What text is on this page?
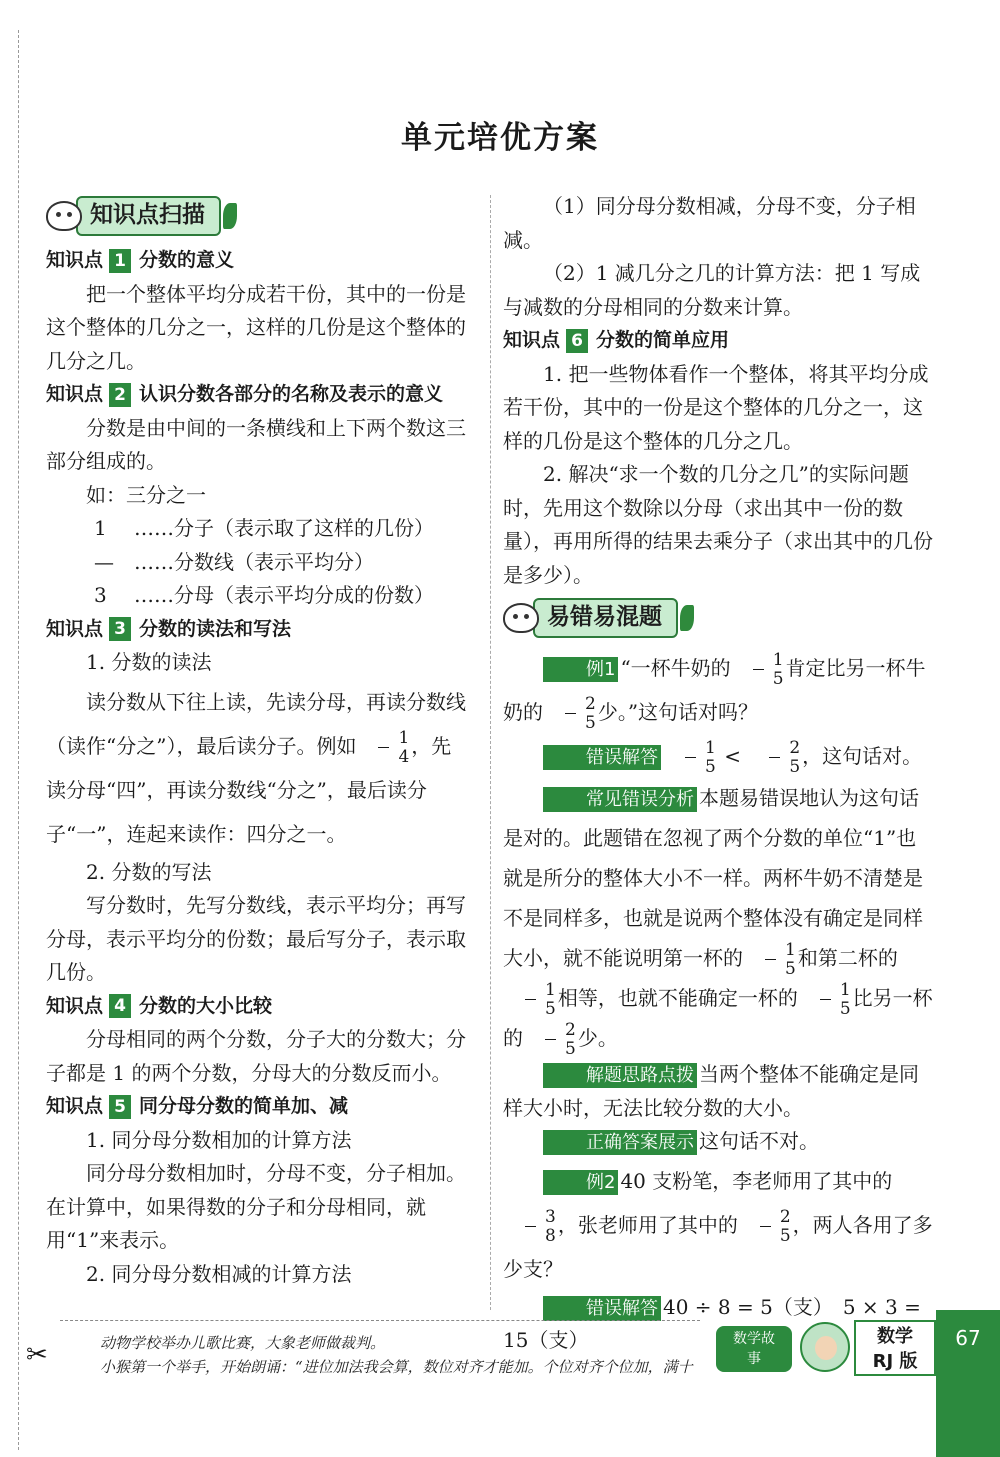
✂
单元培优方案
知识点扫描
知识点 1 分数的意义

把一个整体平均分成若干份，其中的一份是这个整体的几分之一，这样的几份是这个整体的几分之几。

知识点 2 认识分数各部分的名称及表示的意义

分数是由中间的一条横线和上下两个数这三部分组成的。

如：三分之一

1	……分子（表示取了这样的几份）
—	……分数线（表示平均分）
3	……分母（表示平均分成的份数）
知识点 3 分数的读法和写法

1. 分数的读法

读分数从下往上读，先读分母，再读分数线（读作“分之”），最后读分子。例如 $\frac{1}{4}$ ，先读分母“四”，再读分数线“分之”，最后读分子“一”，连起来读作：四分之一。

2. 分数的写法

写分数时，先写分数线，表示平均分；再写分母，表示平均分的份数；最后写分子，表示取几份。

知识点 4 分数的大小比较

分母相同的两个分数，分子大的分数大；分子都是 1 的两个分数，分母大的分数反而小。

知识点 5 同分母分数的简单加、减

1. 同分母分数相加的计算方法

同分母分数相加时，分母不变，分子相加。在计算中，如果得数的分子和分母相同，就用“1”来表示。

2. 同分母分数相减的计算方法

（1）同分母分数相减，分母不变，分子相减。

（2）1 减几分之几的计算方法：把 1 写成与减数的分母相同的分数来计算。

知识点 6 分数的简单应用

1. 把一些物体看作一个整体，将其平均分成若干份，其中的一份是这个整体的几分之一，这样的几份是这个整体的几分之几。

2. 解决“求一个数的几分之几”的实际问题时，先用这个数除以分母（求出其中一份的数量），再用所得的结果去乘分子（求出其中的几份是多少）。

易错易混题

例1 “一杯牛奶的 $\frac{1}{5}$ 肯定比另一杯牛奶的 $\frac{2}{5}$ 少。”这句话对吗？

错误解答 $\frac{1}{5} < \frac{2}{5}$ ，这句话对。

常见错误分析 本题易错误地认为这句话是对的。此题错在忽视了两个分数的单位“1”也就是所分的整体大小不一样。两杯牛奶不清楚是不是同样多，也就是说两个整体没有确定是同样大小，就不能说明第一杯的 $\frac{1}{5}$ 和第二杯的
$\frac{1}{5}$ 相等，也就不能确定一杯的 $\frac{1}{5}$ 比另一杯的 $\frac{2}{5}$ 少。

解题思路点拨 当两个整体不能确定是同样大小时，无法比较分数的大小。

正确答案展示 这句话不对。

例2 40 支粉笔，李老师用了其中的
$\frac{3}{8}$ ，张老师用了其中的 $\frac{2}{5}$ ，两人各用了多少支？

错误解答 40 ÷ 8 = 5（支）　5 × 3 = 15（支）

动物学校举办儿歌比赛，大象老师做裁判。
小猴第一个举手，开始朗诵：“进位加法我会算，数位对齐才能加。个位对齐个位加，满十
数学故事
数学
RJ 版
67
